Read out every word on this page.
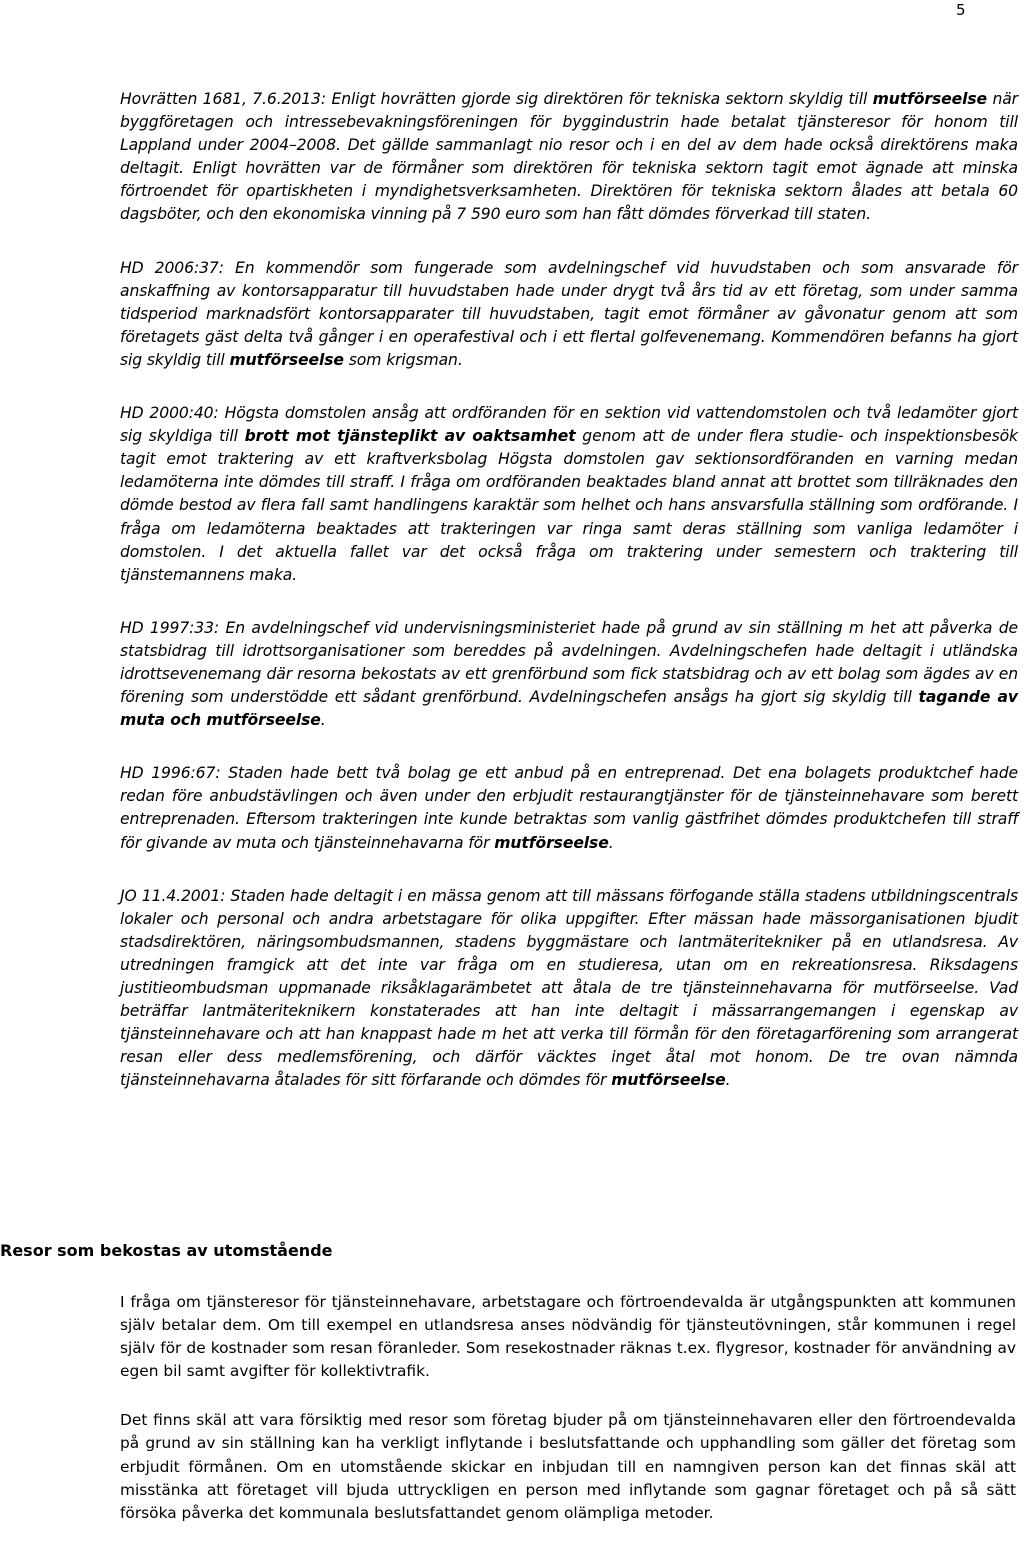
5

Hovrätten 1681, 7.6.2013: Enligt hovrätten gjorde sig direktören för tekniska sektorn skyldig till mutförseelse när byggföretagen och intressebevakningsföreningen för byggindustrin hade betalat tjänsteresor för honom till Lappland under 2004–2008. Det gällde sammanlagt nio resor och i en del av dem hade också direktörens maka deltagit. Enligt hovrätten var de förmåner som direktören för tekniska sektorn tagit emot ägnade att minska förtroendet för opartiskheten i myndighetsverksamheten. Direktören för tekniska sektorn ålades att betala 60 dagsböter, och den ekonomiska vinning på 7 590 euro som han fått dömdes förverkad till staten.

HD 2006:37: En kommendör som fungerade som avdelningschef vid huvudstaben och som ansvarade för anskaffning av kontorsapparatur till huvudstaben hade under drygt två års tid av ett företag, som under samma tidsperiod marknadsfört kontorsapparater till huvudstaben, tagit emot förmåner av gåvonatur genom att som företagets gäst delta två gånger i en operafestival och i ett flertal golfevenemang. Kommendören befanns ha gjort sig skyldig till mutförseelse som krigsman.

HD 2000:40: Högsta domstolen ansåg att ordföranden för en sektion vid vattendomstolen och två ledamöter gjort sig skyldiga till brott mot tjänsteplikt av oaktsamhet genom att de under flera studie- och inspektionsbesök tagit emot traktering av ett kraftverksbolag Högsta domstolen gav sektionsordföranden en varning medan ledamöterna inte dömdes till straff. I fråga om ordföranden beaktades bland annat att brottet som tillräknades den dömde bestod av flera fall samt handlingens karaktär som helhet och hans ansvarsfulla ställning som ordförande. I fråga om ledamöterna beaktades att trakteringen var ringa samt deras ställning som vanliga ledamöter i domstolen. I det aktuella fallet var det också fråga om traktering under semestern och traktering till tjänstemannens maka.

HD 1997:33: En avdelningschef vid undervisningsministeriet hade på grund av sin ställning m het att påverka de statsbidrag till idrottsorganisationer som bereddes på avdelningen. Avdelningschefen hade deltagit i utländska idrottsevenemang där resorna bekostats av ett grenförbund som fick statsbidrag och av ett bolag som ägdes av en förening som understödde ett sådant grenförbund. Avdelningschefen ansågs ha gjort sig skyldig till tagande av muta och mutförseelse.

HD 1996:67: Staden hade bett två bolag ge ett anbud på en entreprenad. Det ena bolagets produktchef hade redan före anbudstävlingen och även under den erbjudit restaurangtjänster för de tjänsteinnehavare som berett entreprenaden. Eftersom trakteringen inte kunde betraktas som vanlig gästfrihet dömdes produktchefen till straff för givande av muta och tjänsteinnehavarna för mutförseelse.

JO 11.4.2001: Staden hade deltagit i en mässa genom att till mässans förfogande ställa stadens utbildningscentrals lokaler och personal och andra arbetstagare för olika uppgifter. Efter mässan hade mässorganisationen bjudit stadsdirektören, näringsombudsmannen, stadens byggmästare och lantmäteritekniker på en utlandsresa. Av utredningen framgick att det inte var fråga om en studieresa, utan om en rekreationsresa. Riksdagens justitieombudsman uppmanade riksåklagarämbetet att åtala de tre tjänsteinnehavarna för mutförseelse. Vad beträffar lantmäteriteknikern konstaterades att han inte deltagit i mässarrangemangen i egenskap av tjänsteinnehavare och att han knappast hade m het att verka till förmån för den företagarförening som arrangerat resan eller dess medlemsförening, och därför väcktes inget åtal mot honom. De tre ovan nämnda tjänsteinnehavarna åtalades för sitt förfarande och dömdes för mutförseelse.

Resor som bekostas av utomstående

I fråga om tjänsteresor för tjänsteinnehavare, arbetstagare och förtroendevalda är utgångspunkten att kommunen själv betalar dem. Om till exempel en utlandsresa anses nödvändig för tjänsteutövningen, står kommunen i regel själv för de kostnader som resan föranleder. Som resekostnader räknas t.ex. flygresor, kostnader för användning av egen bil samt avgifter för kollektivtrafik.

Det finns skäl att vara försiktig med resor som företag bjuder på om tjänsteinnehavaren eller den förtroendevalda på grund av sin ställning kan ha verkligt inflytande i beslutsfattande och upphandling som gäller det företag som erbjudit förmånen. Om en utomstående skickar en inbjudan till en namngiven person kan det finnas skäl att misstänka att företaget vill bjuda uttryckligen en person med inflytande som gagnar företaget och på så sätt försöka påverka det kommunala beslutsfattandet genom olämpliga metoder.
